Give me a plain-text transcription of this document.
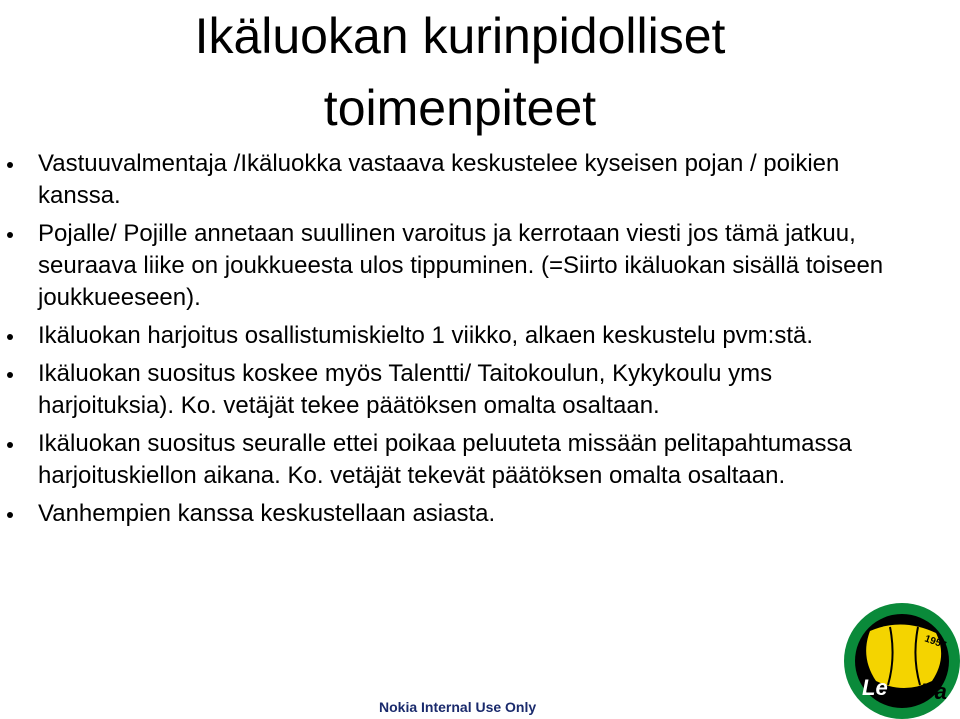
Ikäluokan kurinpidolliset
toimenpiteet
Vastuuvalmentaja /Ikäluokka vastaava keskustelee kyseisen pojan / poikien kanssa.
Pojalle/ Pojille annetaan suullinen varoitus ja kerrotaan viesti jos tämä jatkuu, seuraava liike on joukkueesta ulos tippuminen. (=Siirto ikäluokan sisällä toiseen joukkueeseen).
Ikäluokan harjoitus osallistumiskielto 1 viikko, alkaen keskustelu pvm:stä.
Ikäluokan suositus koskee myös Talentti/ Taitokoulun, Kykykoulu yms harjoituksia). Ko. vetäjät tekee päätöksen omalta osaltaan.
Ikäluokan suositus seuralle ettei poikaa peluuteta missään pelitapahtumassa harjoituskiellon aikana. Ko. vetäjät tekevät päätöksen omalta osaltaan.
Vanhempien kanssa keskustellaan asiasta.
Nokia Internal Use Only
1957
Le Pa
